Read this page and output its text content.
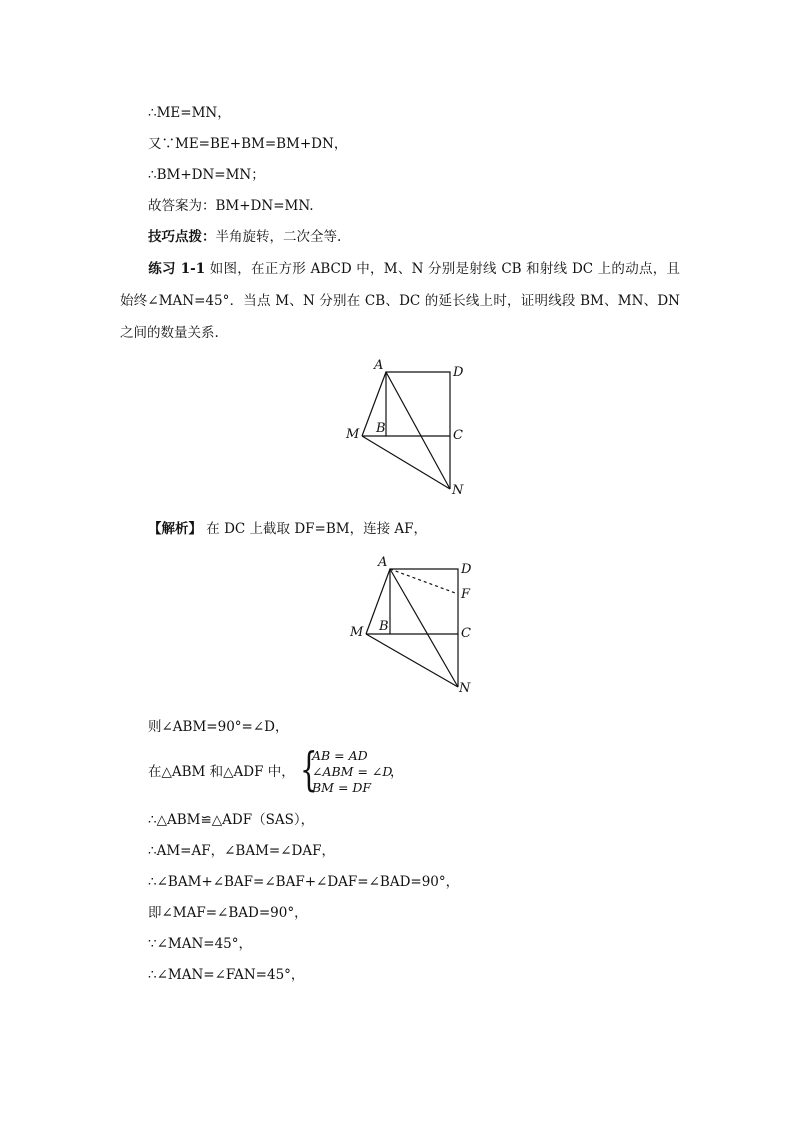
∴ME=MN，
又∵ME=BE+BM=BM+DN，
∴BM+DN=MN；
故答案为：BM+DN=MN.
技巧点拨：半角旋转，二次全等.
练习 1-1 如图，在正方形 ABCD 中，M、N 分别是射线 CB 和射线 DC 上的动点，且始终∠MAN=45°．当点 M、N 分别在 CB、DC 的延长线上时，证明线段 BM、MN、DN 之间的数量关系.
A	D
M B	C
N
【解析】 在 DC 上截取 DF=BM，连接 AF，
A	D
F
M B	C
N
则∠ABM=90°=∠D，
在△ABM 和△ADF 中， {
AB = AD
∠ABM = ∠D
BM = DF
，
∴△ABM≌△ADF（SAS），
∴AM=AF，∠BAM=∠DAF，
∴∠BAM+∠BAF=∠BAF+∠DAF=∠BAD=90°，
即∠MAF=∠BAD=90°，
∵∠MAN=45°，
∴∠MAN=∠FAN=45°，
